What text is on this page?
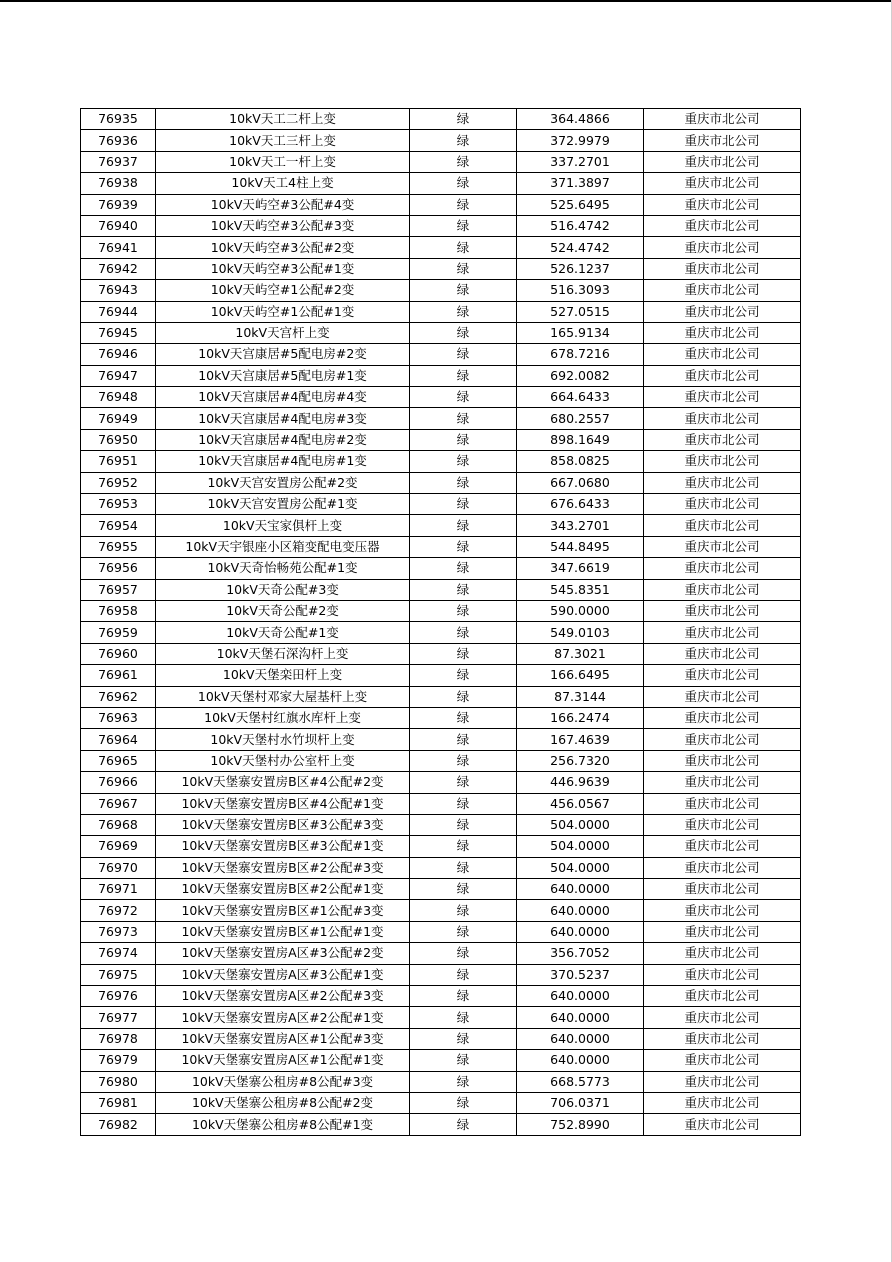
76935	10kV天工二杆上变	绿	364.4866	重庆市北公司
76936	10kV天工三杆上变	绿	372.9979	重庆市北公司
76937	10kV天工一杆上变	绿	337.2701	重庆市北公司
76938	10kV天工4柱上变	绿	371.3897	重庆市北公司
76939	10kV天屿空#3公配#4变	绿	525.6495	重庆市北公司
76940	10kV天屿空#3公配#3变	绿	516.4742	重庆市北公司
76941	10kV天屿空#3公配#2变	绿	524.4742	重庆市北公司
76942	10kV天屿空#3公配#1变	绿	526.1237	重庆市北公司
76943	10kV天屿空#1公配#2变	绿	516.3093	重庆市北公司
76944	10kV天屿空#1公配#1变	绿	527.0515	重庆市北公司
76945	10kV天宫杆上变	绿	165.9134	重庆市北公司
76946	10kV天宫康居#5配电房#2变	绿	678.7216	重庆市北公司
76947	10kV天宫康居#5配电房#1变	绿	692.0082	重庆市北公司
76948	10kV天宫康居#4配电房#4变	绿	664.6433	重庆市北公司
76949	10kV天宫康居#4配电房#3变	绿	680.2557	重庆市北公司
76950	10kV天宫康居#4配电房#2变	绿	898.1649	重庆市北公司
76951	10kV天宫康居#4配电房#1变	绿	858.0825	重庆市北公司
76952	10kV天宫安置房公配#2变	绿	667.0680	重庆市北公司
76953	10kV天宫安置房公配#1变	绿	676.6433	重庆市北公司
76954	10kV天宝家俱杆上变	绿	343.2701	重庆市北公司
76955	10kV天宇银座小区箱变配电变压器	绿	544.8495	重庆市北公司
76956	10kV天奇怡畅苑公配#1变	绿	347.6619	重庆市北公司
76957	10kV天奇公配#3变	绿	545.8351	重庆市北公司
76958	10kV天奇公配#2变	绿	590.0000	重庆市北公司
76959	10kV天奇公配#1变	绿	549.0103	重庆市北公司
76960	10kV天堡石深沟杆上变	绿	87.3021	重庆市北公司
76961	10kV天堡栾田杆上变	绿	166.6495	重庆市北公司
76962	10kV天堡村邓家大屋基杆上变	绿	87.3144	重庆市北公司
76963	10kV天堡村红旗水库杆上变	绿	166.2474	重庆市北公司
76964	10kV天堡村水竹坝杆上变	绿	167.4639	重庆市北公司
76965	10kV天堡村办公室杆上变	绿	256.7320	重庆市北公司
76966	10kV天堡寨安置房B区#4公配#2变	绿	446.9639	重庆市北公司
76967	10kV天堡寨安置房B区#4公配#1变	绿	456.0567	重庆市北公司
76968	10kV天堡寨安置房B区#3公配#3变	绿	504.0000	重庆市北公司
76969	10kV天堡寨安置房B区#3公配#1变	绿	504.0000	重庆市北公司
76970	10kV天堡寨安置房B区#2公配#3变	绿	504.0000	重庆市北公司
76971	10kV天堡寨安置房B区#2公配#1变	绿	640.0000	重庆市北公司
76972	10kV天堡寨安置房B区#1公配#3变	绿	640.0000	重庆市北公司
76973	10kV天堡寨安置房B区#1公配#1变	绿	640.0000	重庆市北公司
76974	10kV天堡寨安置房A区#3公配#2变	绿	356.7052	重庆市北公司
76975	10kV天堡寨安置房A区#3公配#1变	绿	370.5237	重庆市北公司
76976	10kV天堡寨安置房A区#2公配#3变	绿	640.0000	重庆市北公司
76977	10kV天堡寨安置房A区#2公配#1变	绿	640.0000	重庆市北公司
76978	10kV天堡寨安置房A区#1公配#3变	绿	640.0000	重庆市北公司
76979	10kV天堡寨安置房A区#1公配#1变	绿	640.0000	重庆市北公司
76980	10kV天堡寨公租房#8公配#3变	绿	668.5773	重庆市北公司
76981	10kV天堡寨公租房#8公配#2变	绿	706.0371	重庆市北公司
76982	10kV天堡寨公租房#8公配#1变	绿	752.8990	重庆市北公司
